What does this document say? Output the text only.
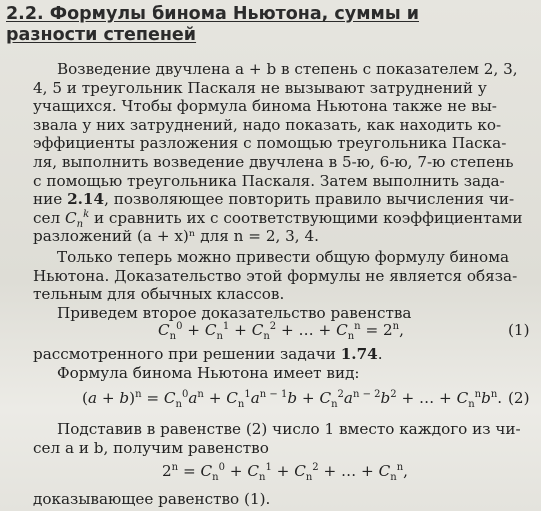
2.2. Формулы бинома Ньютона, суммы и разности степеней
Возведение двучлена a + b в степень с показателем 2, 3,
4, 5 и треугольник Паскаля не вызывают затруднений у
учащихся. Чтобы формула бинома Ньютона также не вы-
звала у них затруднений, надо показать, как находить ко-
эффициенты разложения с помощью треугольника Паска-
ля, выполнить возведение двучлена в 5-ю, 6-ю, 7-ю степень
с помощью треугольника Паскаля. Затем выполнить зада-
ние 2.14, позволяющее повторить правило вычисления чи-
сел $C_n^k$ и сравнить их с соответствующими коэффициентами
разложений (a + x)ⁿ для n = 2, 3, 4.
Только теперь можно привести общую формулу бинома
Ньютона. Доказательство этой формулы не является обяза-
тельным для обычных классов.
Приведем второе доказательство равенства
$C_n^0 + C_n^1 + C_n^2$ + … + $C_n^n = 2^n$,	(1)
рассмотренного при решении задачи 1.74.
Формула бинома Ньютона имеет вид:
$(a + b)^n = C_n^0a^n + C_n^1a^{n - 1}b + C_n^2a^{n - 2}b^2$ + … + $C_n^nb^n$. (2)
Подставив в равенстве (2) число 1 вместо каждого из чи-
сел a и b, получим равенство
$2^n = C_n^0 + C_n^1 + C_n^2$ + … + $C_n^n$,
доказывающее равенство (1).
